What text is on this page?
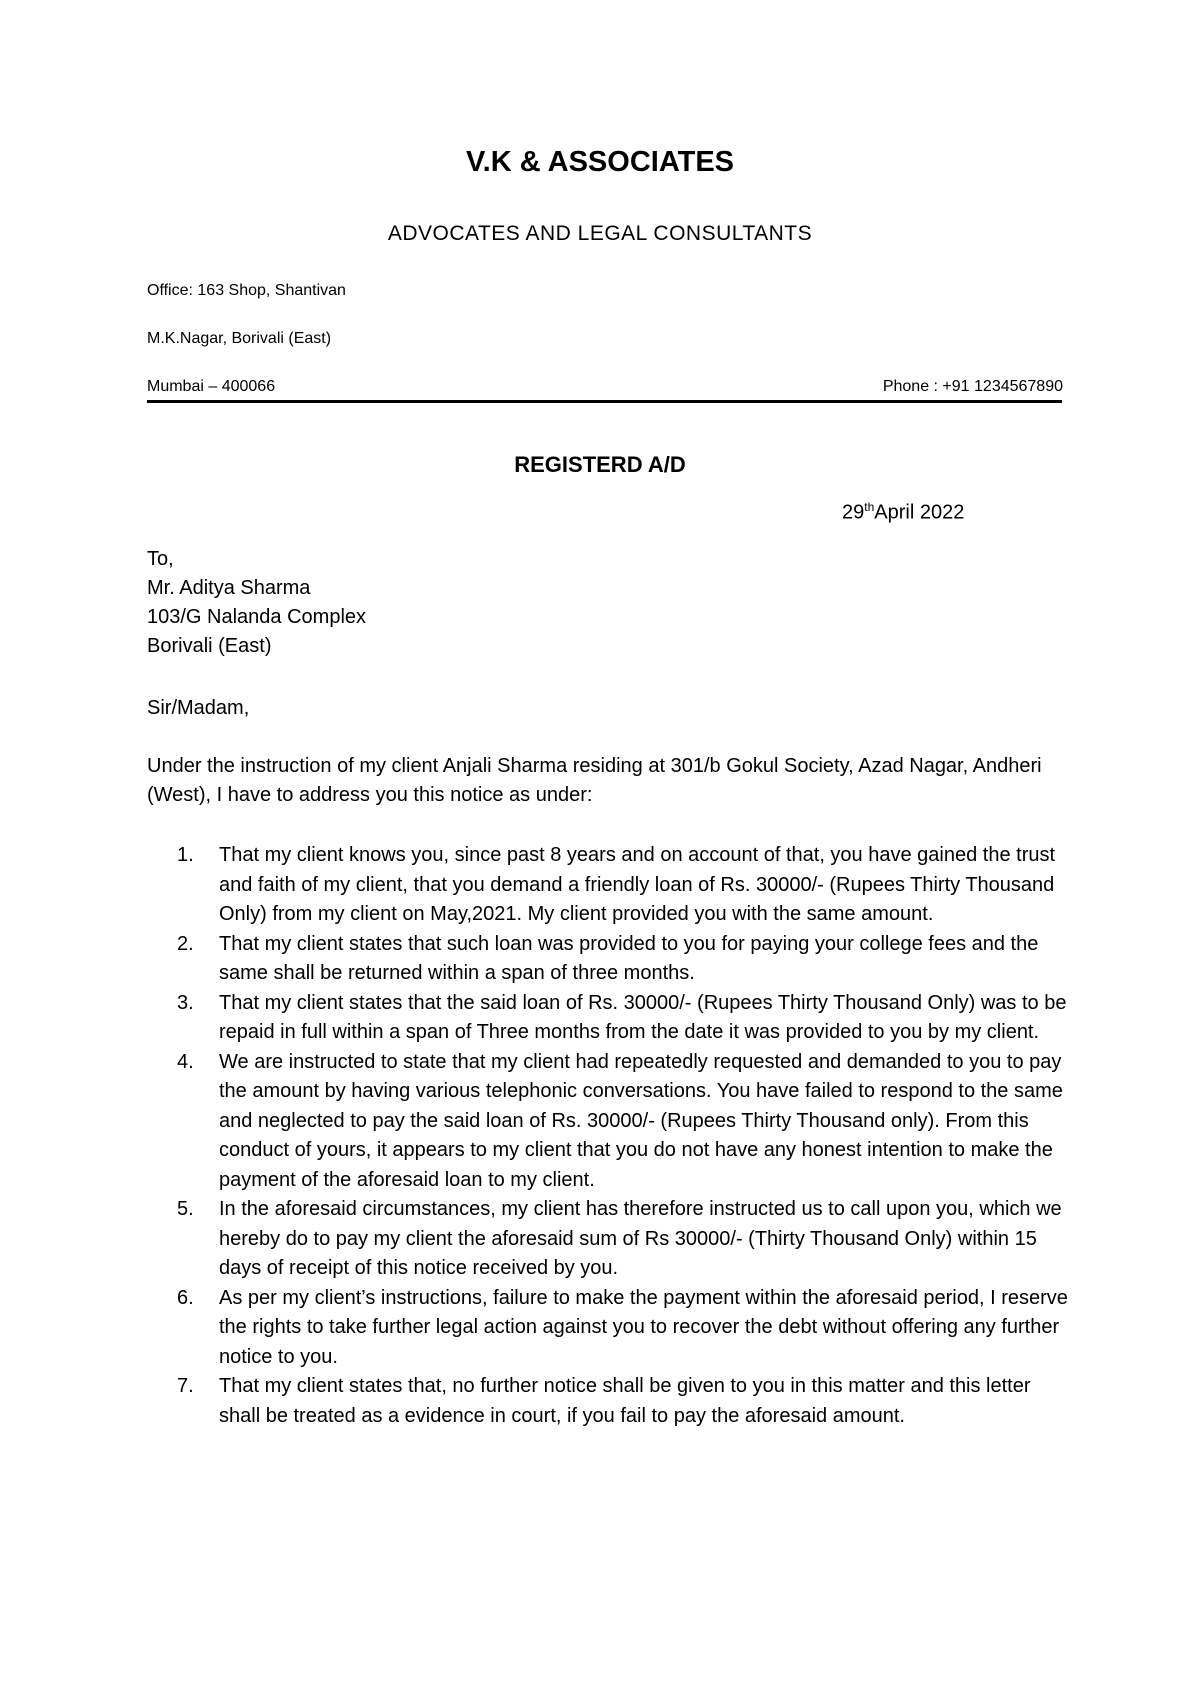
V.K & ASSOCIATES
ADVOCATES AND LEGAL CONSULTANTS
Office: 163 Shop, Shantivan
M.K.Nagar, Borivali (East)
Mumbai – 400066	Phone : +91 1234567890
REGISTERD A/D
29thApril 2022
To,
Mr. Aditya Sharma
103/G Nalanda Complex
Borivali (East)
Sir/Madam,
Under the instruction of my client Anjali Sharma residing at 301/b Gokul Society, Azad Nagar, Andheri (West), I have to address you this notice as under:
1. That my client knows you, since past 8 years and on account of that, you have gained the trust and faith of my client, that you demand a friendly loan of Rs. 30000/- (Rupees Thirty Thousand Only) from my client on May,2021. My client provided you with the same amount.
2. That my client states that such loan was provided to you for paying your college fees and the same shall be returned within a span of three months.
3. That my client states that the said loan of Rs. 30000/- (Rupees Thirty Thousand Only) was to be repaid in full within a span of Three months from the date it was provided to you by my client.
4. We are instructed to state that my client had repeatedly requested and demanded to you to pay the amount by having various telephonic conversations. You have failed to respond to the same and neglected to pay the said loan of Rs. 30000/- (Rupees Thirty Thousand only). From this conduct of yours, it appears to my client that you do not have any honest intention to make the payment of the aforesaid loan to my client.
5. In the aforesaid circumstances, my client has therefore instructed us to call upon you, which we hereby do to pay my client the aforesaid sum of Rs 30000/- (Thirty Thousand Only) within 15 days of receipt of this notice received by you.
6. As per my client’s instructions, failure to make the payment within the aforesaid period, I reserve the rights to take further legal action against you to recover the debt without offering any further notice to you.
7. That my client states that, no further notice shall be given to you in this matter and this letter shall be treated as a evidence in court, if you fail to pay the aforesaid amount.
